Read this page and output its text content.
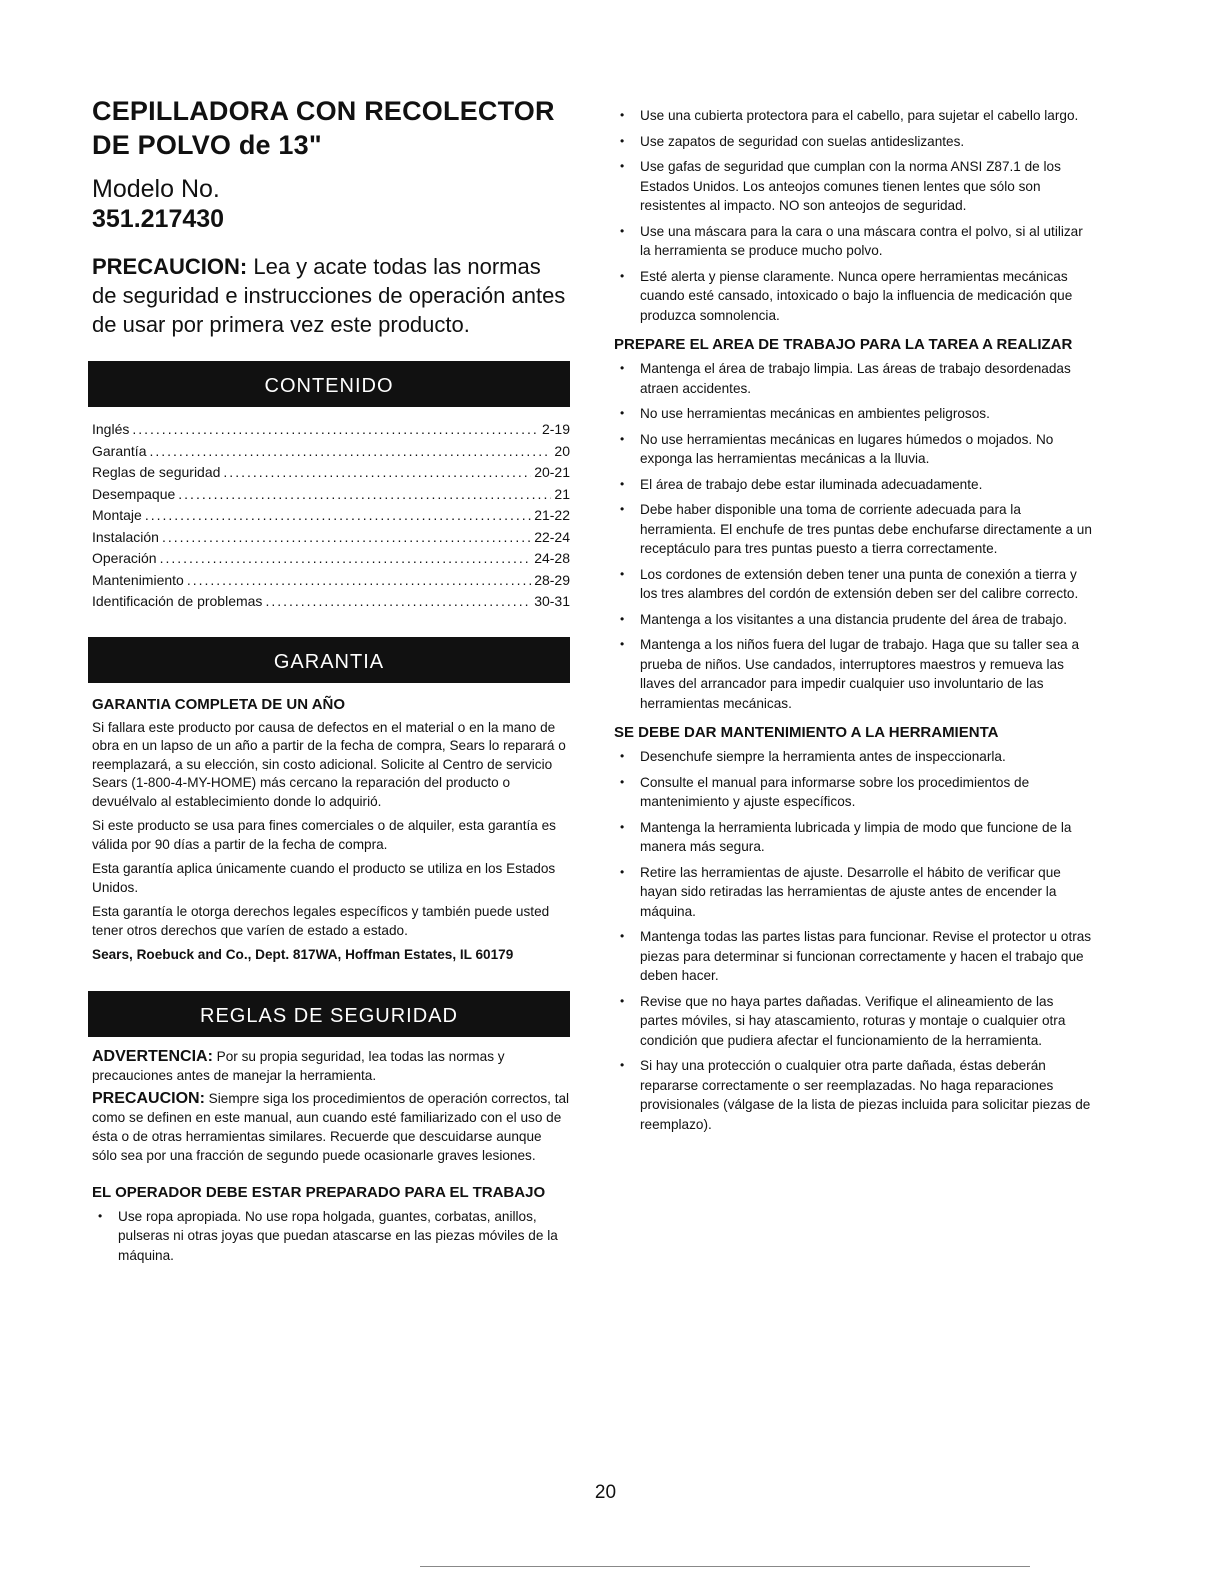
CEPILLADORA CON RECOLECTOR
DE POLVO de 13"
Modelo No.
351.217430
PRECAUCION: Lea y acate todas las normas de seguridad e instrucciones de operación antes de usar por primera vez este producto.
CONTENIDO
Inglés .....	2-19
Garantía .....	20
Reglas de seguridad .....	20-21
Desempaque .....	21
Montaje .....	21-22
Instalación .....	22-24
Operación .....	24-28
Mantenimiento .....	28-29
Identificación de problemas .....	30-31
GARANTIA
GARANTIA COMPLETA DE UN AÑO

Si fallara este producto por causa de defectos en el material o en la mano de obra en un lapso de un año a partir de la fecha de compra, Sears lo reparará o reemplazará, a su elección, sin costo adicional. Solicite al Centro de servicio Sears (1-800-4-MY-HOME) más cercano la reparación del producto o devuélvalo al establecimiento donde lo adquirió.

Si este producto se usa para fines comerciales o de alquiler, esta garantía es válida por 90 días a partir de la fecha de compra.

Esta garantía aplica únicamente cuando el producto se utiliza en los Estados Unidos.

Esta garantía le otorga derechos legales específicos y también puede usted tener otros derechos que varíen de estado a estado.

Sears, Roebuck and Co., Dept. 817WA, Hoffman Estates, IL 60179

REGLAS DE SEGURIDAD

ADVERTENCIA: Por su propia seguridad, lea todas las normas y precauciones antes de manejar la herramienta.

PRECAUCION: Siempre siga los procedimientos de operación correctos, tal como se definen en este manual, aun cuando esté familiarizado con el uso de ésta o de otras herramientas similares. Recuerde que descuidarse aunque sólo sea por una fracción de segundo puede ocasionarle graves lesiones.

EL OPERADOR DEBE ESTAR PREPARADO PARA EL TRABAJO
• Use ropa apropiada. No use ropa holgada, guantes, corbatas, anillos, pulseras ni otras joyas que puedan atascarse en las piezas móviles de la máquina.
• Use una cubierta protectora para el cabello, para sujetar el cabello largo.
• Use zapatos de seguridad con suelas antideslizantes.
• Use gafas de seguridad que cumplan con la norma ANSI Z87.1 de los Estados Unidos. Los anteojos comunes tienen lentes que sólo son resistentes al impacto. NO son anteojos de seguridad.
• Use una máscara para la cara o una máscara contra el polvo, si al utilizar la herramienta se produce mucho polvo.
• Esté alerta y piense claramente. Nunca opere herramientas mecánicas cuando esté cansado, intoxicado o bajo la influencia de medicación que produzca somnolencia.
PREPARE EL AREA DE TRABAJO PARA LA TAREA A REALIZAR
• Mantenga el área de trabajo limpia. Las áreas de trabajo desordenadas atraen accidentes.
• No use herramientas mecánicas en ambientes peligrosos.
• No use herramientas mecánicas en lugares húmedos o mojados. No exponga las herramientas mecánicas a la lluvia.
• El área de trabajo debe estar iluminada adecuadamente.
• Debe haber disponible una toma de corriente adecuada para la herramienta. El enchufe de tres puntas debe enchufarse directamente a un receptáculo para tres puntas puesto a tierra correctamente.
• Los cordones de extensión deben tener una punta de conexión a tierra y los tres alambres del cordón de extensión deben ser del calibre correcto.
• Mantenga a los visitantes a una distancia prudente del área de trabajo.
• Mantenga a los niños fuera del lugar de trabajo. Haga que su taller sea a prueba de niños. Use candados, interruptores maestros y remueva las llaves del arrancador para impedir cualquier uso involuntario de las herramientas mecánicas.
SE DEBE DAR MANTENIMIENTO A LA HERRAMIENTA
• Desenchufe siempre la herramienta antes de inspeccionarla.
• Consulte el manual para informarse sobre los procedimientos de mantenimiento y ajuste específicos.
• Mantenga la herramienta lubricada y limpia de modo que funcione de la manera más segura.
• Retire las herramientas de ajuste. Desarrolle el hábito de verificar que hayan sido retiradas las herramientas de ajuste antes de encender la máquina.
• Mantenga todas las partes listas para funcionar. Revise el protector u otras piezas para determinar si funcionan correctamente y hacen el trabajo que deben hacer.
• Revise que no haya partes dañadas. Verifique el alineamiento de las partes móviles, si hay atascamiento, roturas y montaje o cualquier otra condición que pudiera afectar el funcionamiento de la herramienta.
• Si hay una protección o cualquier otra parte dañada, éstas deberán repararse correctamente o ser reemplazadas. No haga reparaciones provisionales (válgase de la lista de piezas incluida para solicitar piezas de reemplazo).
20
